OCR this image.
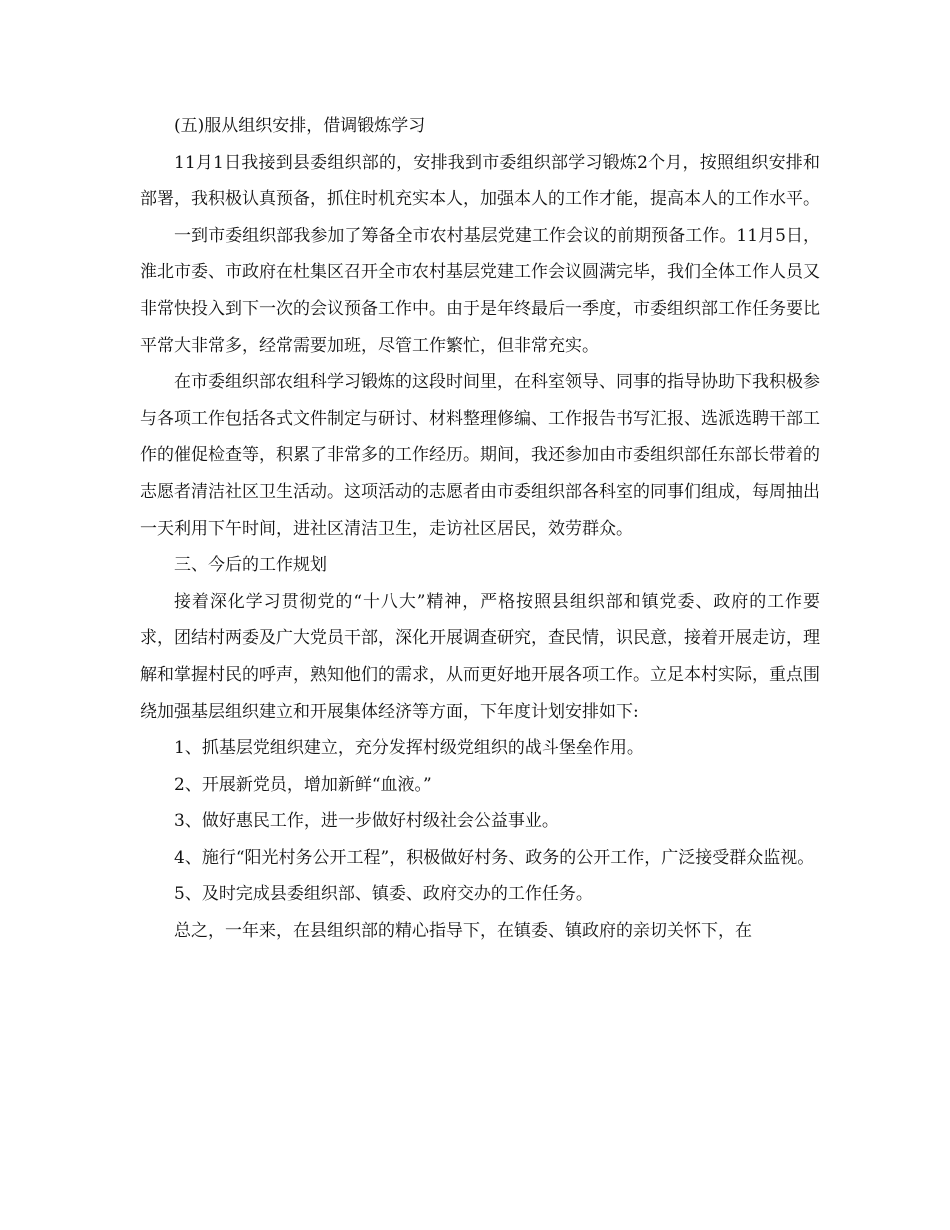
(五)服从组织安排，借调锻炼学习

11月1日我接到县委组织部的，安排我到市委组织部学习锻炼2个月，按照组织安排和部署，我积极认真预备，抓住时机充实本人，加强本人的工作才能，提高本人的工作水平。

一到市委组织部我参加了筹备全市农村基层党建工作会议的前期预备工作。11月5日，淮北市委、市政府在杜集区召开全市农村基层党建工作会议圆满完毕，我们全体工作人员又非常快投入到下一次的会议预备工作中。由于是年终最后一季度，市委组织部工作任务要比平常大非常多，经常需要加班，尽管工作繁忙，但非常充实。

在市委组织部农组科学习锻炼的这段时间里，在科室领导、同事的指导协助下我积极参与各项工作包括各式文件制定与研讨、材料整理修编、工作报告书写汇报、选派选聘干部工作的催促检查等，积累了非常多的工作经历。期间，我还参加由市委组织部任东部长带着的志愿者清洁社区卫生活动。这项活动的志愿者由市委组织部各科室的同事们组成，每周抽出一天利用下午时间，进社区清洁卫生，走访社区居民，效劳群众。

三、今后的工作规划

接着深化学习贯彻党的“十八大”精神，严格按照县组织部和镇党委、政府的工作要求，团结村两委及广大党员干部，深化开展调查研究，查民情，识民意，接着开展走访，理解和掌握村民的呼声，熟知他们的需求，从而更好地开展各项工作。立足本村实际，重点围绕加强基层组织建立和开展集体经济等方面，下年度计划安排如下:

1、抓基层党组织建立，充分发挥村级党组织的战斗堡垒作用。

2、开展新党员，增加新鲜“血液。”

3、做好惠民工作，进一步做好村级社会公益事业。

4、施行“阳光村务公开工程”，积极做好村务、政务的公开工作，广泛接受群众监视。

5、及时完成县委组织部、镇委、政府交办的工作任务。

总之，一年来，在县组织部的精心指导下，在镇委、镇政府的亲切关怀下，在
